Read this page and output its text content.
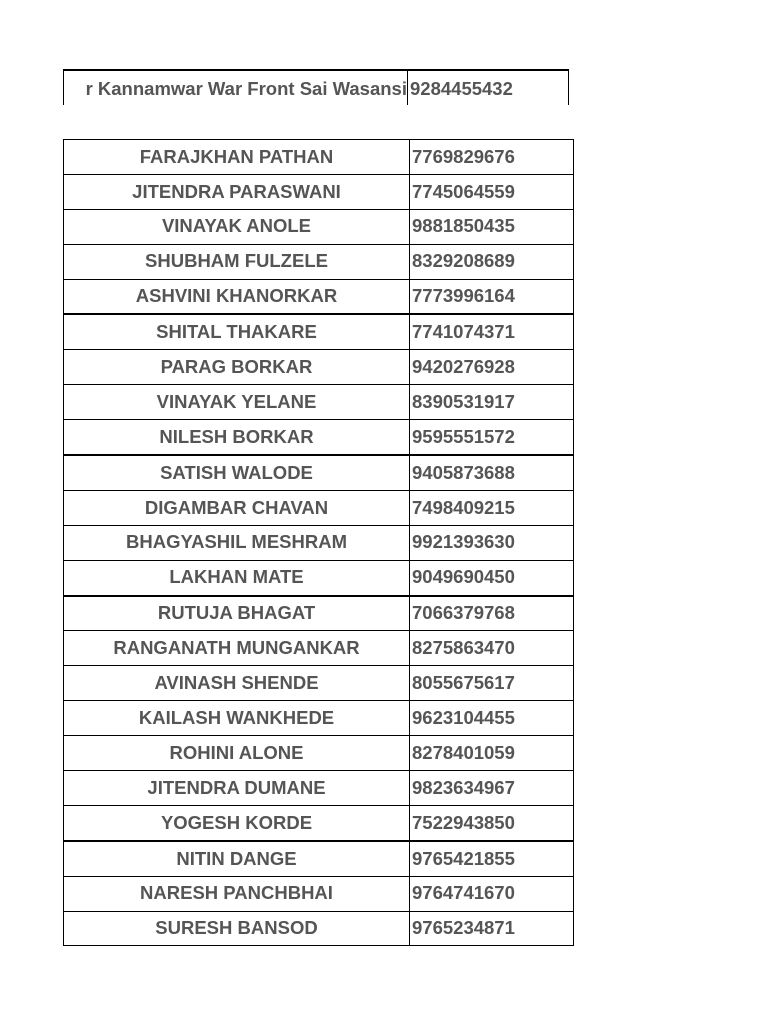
r Kannamwar War Front Sai Wasansi 9284455432
FARAJKHAN PATHAN	7769829676
JITENDRA PARASWANI	7745064559
VINAYAK ANOLE	9881850435
SHUBHAM FULZELE	8329208689
ASHVINI KHANORKAR	7773996164
SHITAL THAKARE	7741074371
PARAG BORKAR	9420276928
VINAYAK YELANE	8390531917
NILESH BORKAR	9595551572
SATISH WALODE	9405873688
DIGAMBAR CHAVAN	7498409215
BHAGYASHIL MESHRAM	9921393630
LAKHAN MATE	9049690450
RUTUJA BHAGAT	7066379768
RANGANATH MUNGANKAR	8275863470
AVINASH SHENDE	8055675617
KAILASH WANKHEDE	9623104455
ROHINI ALONE	8278401059
JITENDRA DUMANE	9823634967
YOGESH KORDE	7522943850
NITIN DANGE	9765421855
NARESH PANCHBHAI	9764741670
SURESH BANSOD	9765234871
